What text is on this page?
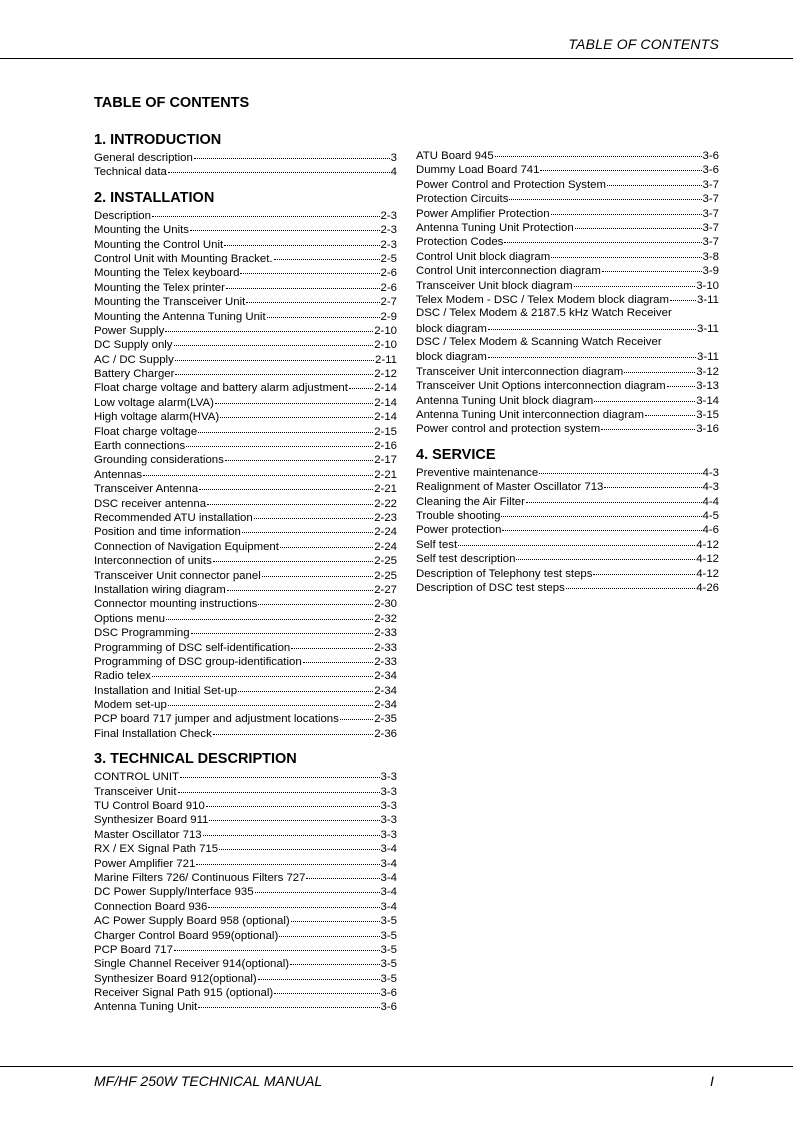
TABLE OF CONTENTS
TABLE OF CONTENTS
1. INTRODUCTION
General description	3
Technical data	4
2. INSTALLATION
Description	2-3
Mounting the Units	2-3
Mounting the Control Unit	2-3
Control Unit with Mounting Bracket.	2-5
Mounting the Telex keyboard	2-6
Mounting the Telex printer	2-6
Mounting the Transceiver Unit	2-7
Mounting the Antenna Tuning Unit	2-9
Power Supply	2-10
DC Supply only	2-10
AC / DC Supply	2-11
Battery Charger	2-12
Float charge voltage and battery alarm adjustment 2-14
Low voltage alarm(LVA)	2-14
High voltage alarm(HVA)	2-14
Float charge voltage	2-15
Earth connections	2-16
Grounding considerations	2-17
Antennas	2-21
Transceiver Antenna	2-21
DSC receiver antenna	2-22
Recommended ATU installation	2-23
Position and time information	2-24
Connection of Navigation Equipment	2-24
Interconnection of units	2-25
Transceiver Unit connector panel	2-25
Installation wiring diagram	2-27
Connector mounting instructions	2-30
Options menu	2-32
DSC Programming	2-33
Programming of DSC self-identification	2-33
Programming of DSC group-identification	2-33
Radio telex	2-34
Installation and Initial Set-up	2-34
Modem set-up	2-34
PCP board 717 jumper and adjustment locations	2-35
Final Installation Check	2-36
3. TECHNICAL DESCRIPTION
CONTROL UNIT	3-3
Transceiver Unit	3-3
TU Control Board 910	3-3
Synthesizer Board 911	3-3
Master Oscillator 713	3-3
RX / EX Signal Path 715	3-4
Power Amplifier 721	3-4
Marine Filters 726/ Continuous Filters 727	3-4
DC Power Supply/Interface 935	3-4
Connection Board 936	3-4
AC Power Supply Board 958 (optional)	3-5
Charger Control Board 959(optional)	3-5
PCP Board 717	3-5
Single Channel Receiver 914(optional)	3-5
Synthesizer Board 912(optional)	3-5
Receiver Signal Path 915 (optional)	3-6
Antenna Tuning Unit	3-6
ATU Board 945	3-6
Dummy Load Board 741	3-6
Power Control and Protection System	3-7
Protection Circuits	3-7
Power Amplifier Protection	3-7
Antenna Tuning Unit Protection	3-7
Protection Codes	3-7
Control Unit block diagram	3-8
Control Unit interconnection diagram	3-9
Transceiver Unit block diagram	3-10
Telex Modem - DSC / Telex Modem block diagram 3-11
DSC / Telex Modem & 2187.5 kHz Watch Receiver
block diagram	3-11
DSC / Telex Modem & Scanning Watch Receiver
block diagram	3-11
Transceiver Unit interconnection diagram	3-12
Transceiver Unit Options interconnection diagram	3-13
Antenna Tuning Unit block diagram	3-14
Antenna Tuning Unit interconnection diagram	3-15
Power control and protection system	3-16
4. SERVICE
Preventive maintenance	4-3
Realignment of Master Oscillator 713	4-3
Cleaning the Air Filter	4-4
Trouble shooting	4-5
Power protection	4-6
Self test	4-12
Self test description	4-12
Description of Telephony test steps	4-12
Description of DSC test steps	4-26
MF/HF 250W TECHNICAL MANUAL	I
